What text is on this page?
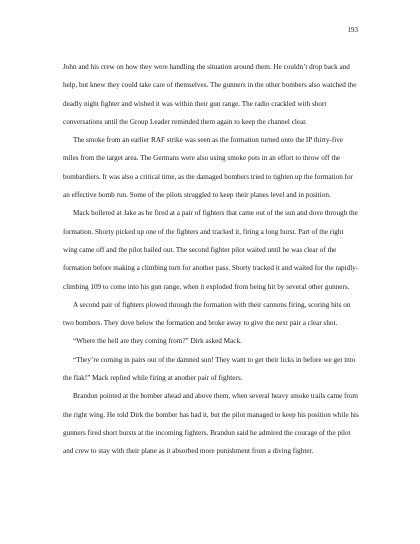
193

John and his crew on how they were handling the situation around them. He couldn’t drop back and help, but knew they could take care of themselves. The gunners in the other bombers also watched the deadly night fighter and wished it was within their gun range. The radio crackled with short conversations until the Group Leader reminded them again to keep the channel clear.

The smoke from an earlier RAF strike was seen as the formation turned onto the IP thirty-five miles from the target area. The Germans were also using smoke pots in an effort to throw off the bombardiers. It was also a critical time, as the damaged bombers tried to tighten up the formation for an effective bomb run. Some of the pilots struggled to keep their planes level and in position.

Mack hollered at Jake as he fired at a pair of fighters that came out of the sun and dove through the formation. Shorty picked up one of the fighters and tracked it, firing a long burst. Part of the right wing came off and the pilot bailed out. The second fighter pilot waited until he was clear of the formation before making a climbing turn for another pass. Shorty tracked it and waited for the rapidly-climbing 109 to come into his gun range, when it exploded from being hit by several other gunners.

A second pair of fighters plowed through the formation with their cannons firing, scoring hits on two bombers. They dove below the formation and broke away to give the next pair a clear shot.

“Where the hell are they coming from?” Dirk asked Mack.

“They’re coming in pairs out of the damned sun! They want to get their licks in before we get into the flak!” Mack replied while firing at another pair of fighters.

Brandon pointed at the bomber ahead and above them, when several heavy smoke trails came from the right wing. He told Dirk the bomber has had it, but the pilot managed to keep his position while his gunners fired short bursts at the incoming fighters. Brandon said he admired the courage of the pilot and crew to stay with their plane as it absorbed more punishment from a diving fighter.
